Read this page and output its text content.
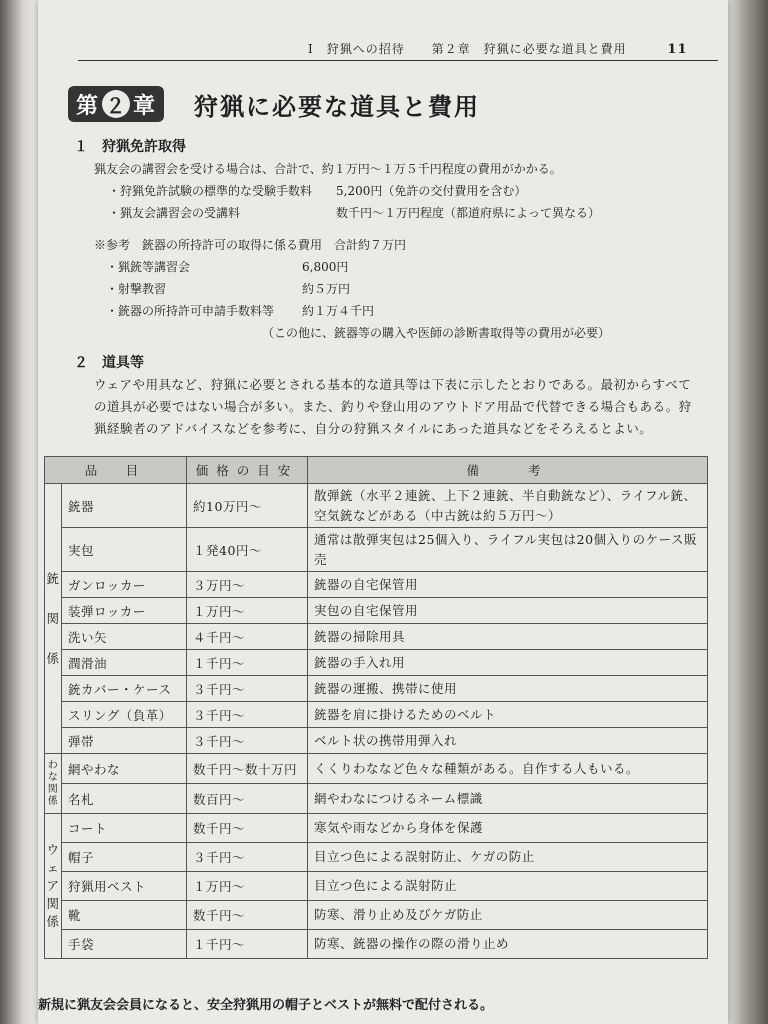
Ⅰ　狩猟への招待 第２章　狩猟に必要な道具と費用	11
第 ２ 章 狩猟に必要な道具と費用
１　狩猟免許取得
猟友会の講習会を受ける場合は、合計で、約１万円～１万５千円程度の費用がかかる。
・狩猟免許試験の標準的な受験手数料 5,200円（免許の交付費用を含む）
・猟友会講習会の受講料	数千円～１万円程度（都道府県によって異なる）
※参考　銃器の所持許可の取得に係る費用　合計約７万円
・猟銃等講習会	6,800円
・射撃教習	約５万円
・銃器の所持許可申請手数料等 約１万４千円
（この他に、銃器等の購入や医師の診断書取得等の費用が必要）
２　道具等
ウェアや用具など、狩猟に必要とされる基本的な道具等は下表に示したとおりである。最初からすべての道具が必要ではない場合が多い。また、釣りや登山用のアウトドア用品で代替できる場合もある。狩猟経験者のアドバイスなどを参考に、自分の狩猟スタイルにあった道具などをそろえるとよい。
品　目		価格の目安	備　　考

銃

関

係	銃器	約10万円～	散弾銃（水平２連銃、上下２連銃、半自動銃など）、ライフル銃、空気銃などがある（中古銃は約５万円～）
	実包	１発40円～	通常は散弾実包は25個入り、ライフル実包は20個入りのケース販売
	ガンロッカー	３万円～	銃器の自宅保管用
	装弾ロッカー	１万円～	実包の自宅保管用
	洗い矢	４千円～	銃器の掃除用具
	潤滑油	１千円～	銃器の手入れ用
	銃カバー・ケース	３千円～	銃器の運搬、携帯に使用
	スリング（負革）	３千円～	銃器を肩に掛けるためのベルト
	弾帯	３千円～	ベルト状の携帯用弾入れ

わ
な
関
係	網やわな	数千円～数十万円	くくりわななど色々な種類がある。自作する人もいる。
	名札	数百円～	網やわなにつけるネーム標識

ウ
ェ
ア
関
係	コート	数千円～	寒気や雨などから身体を保護
	帽子	３千円～	目立つ色による誤射防止、ケガの防止
	狩猟用ベスト	１万円～	目立つ色による誤射防止
	靴	数千円～	防寒、滑り止め及びケガ防止
	手袋	１千円～	防寒、銃器の操作の際の滑り止め
新規に猟友会会員になると、安全狩猟用の帽子とベストが無料で配付される。
